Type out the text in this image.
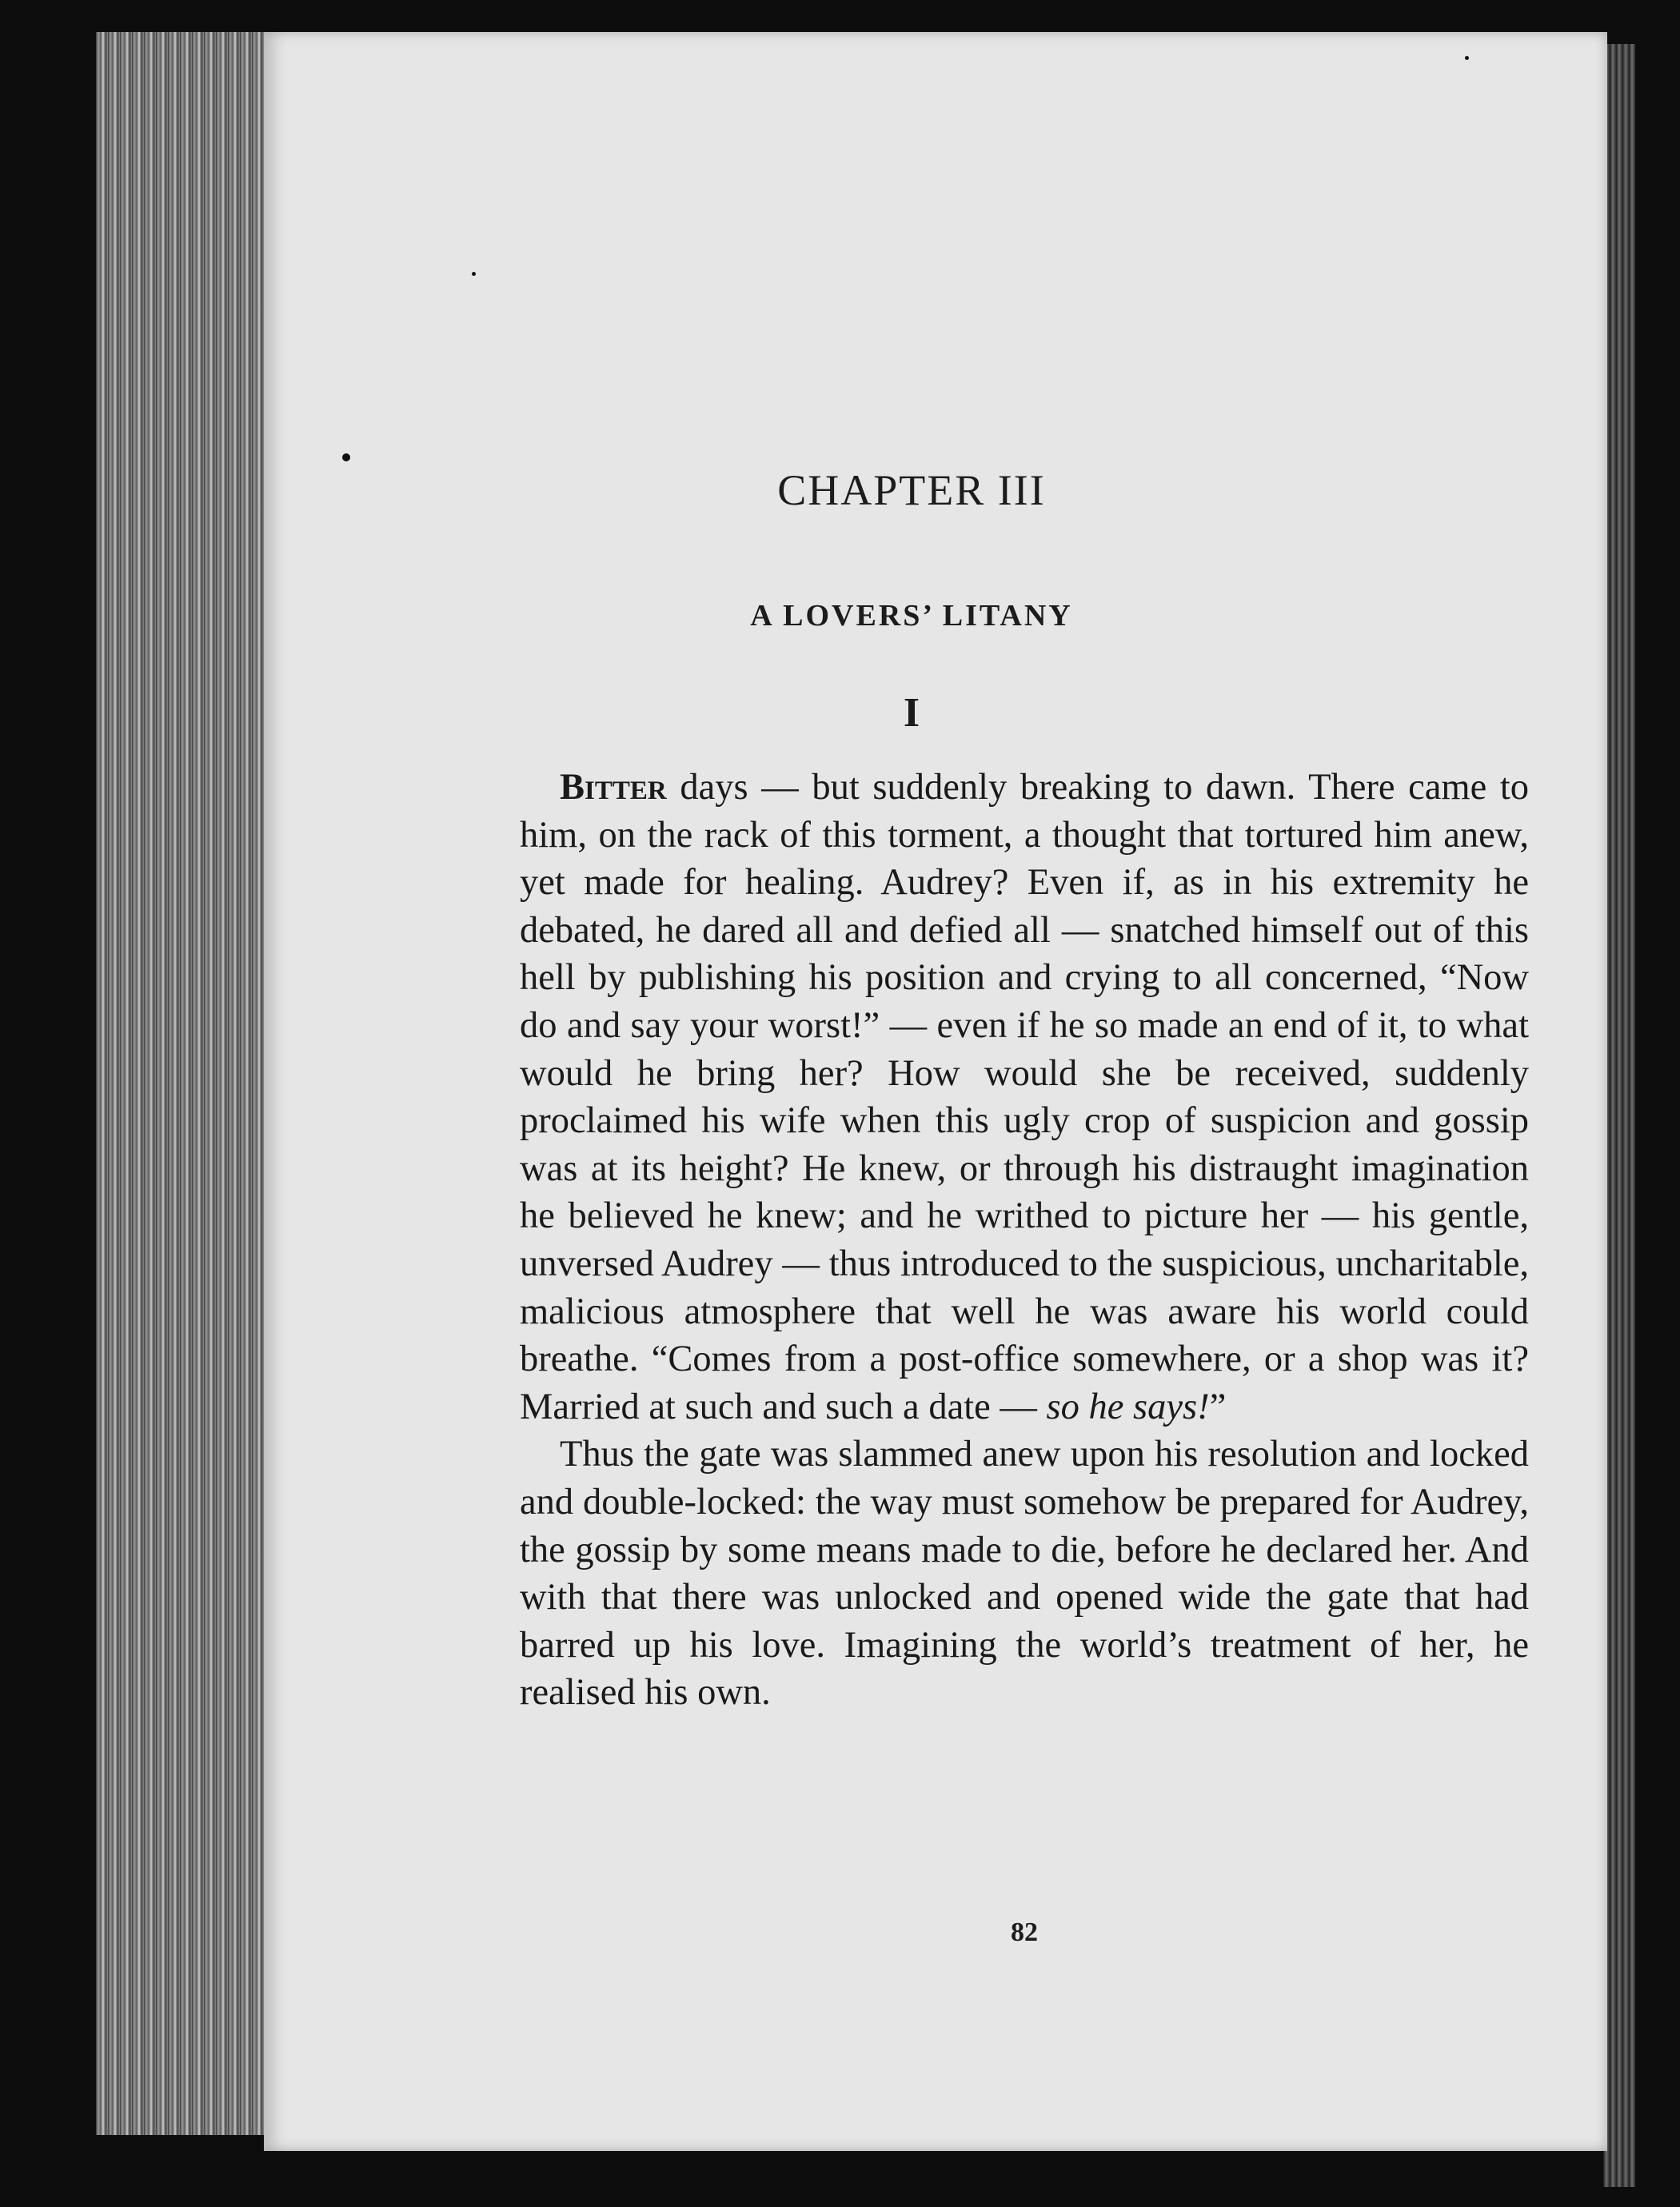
CHAPTER III
A LOVERS’ LITANY
I

Bitter days — but suddenly breaking to dawn. There came to him, on the rack of this torment, a thought that tortured him anew, yet made for healing. Audrey? Even if, as in his extremity he debated, he dared all and defied all — snatched himself out of this hell by publishing his position and crying to all concerned, “Now do and say your worst!” — even if he so made an end of it, to what would he bring her? How would she be received, suddenly proclaimed his wife when this ugly crop of suspicion and gossip was at its height? He knew, or through his distraught imagination he believed he knew; and he writhed to picture her — his gentle, unversed Audrey — thus introduced to the suspicious, uncharitable, malicious atmosphere that well he was aware his world could breathe. “Comes from a post-office somewhere, or a shop was it? Married at such and such a date — so he says!”

Thus the gate was slammed anew upon his resolution and locked and double-locked: the way must somehow be prepared for Audrey, the gossip by some means made to die, before he declared her. And with that there was unlocked and opened wide the gate that had barred up his love. Imagining the world’s treatment of her, he realised his own.

82
